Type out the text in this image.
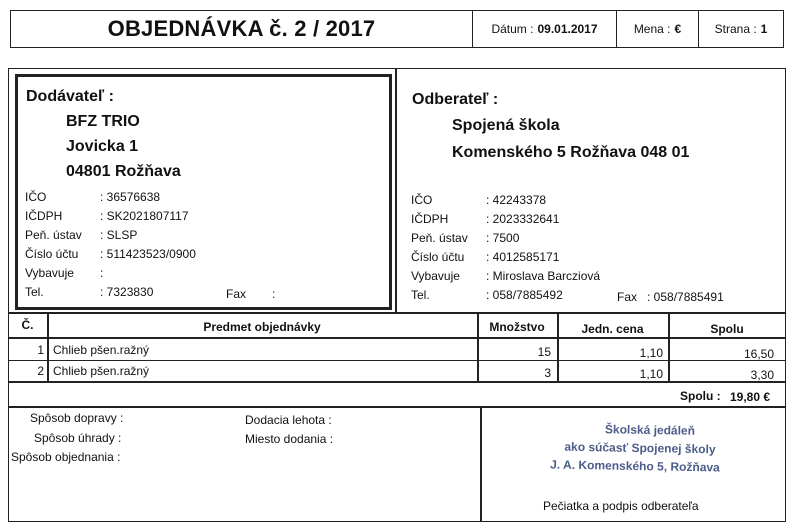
OBJEDNÁVKA č. 2 / 2017	Dátum : 09.01.2017	Mena : €	Strana : 1
Dodávateľ :
BFZ TRIO
Jovicka 1
04801 Rožňava
IČO	: 36576638
IČDPH	: SK2021807117
Peň. ústav : SLSP
Číslo účtu : 511423523/0900
Vybavuje :
Tel.	: 7323830	Fax :
Odberateľ :
Spojená škola
Komenského 5 Rožňava 048 01
IČO	: 42243378
IČDPH	: 2023332641
Peň. ústav : 7500
Číslo účtu : 4012585171
Vybavuje : Miroslava Barcziová
Tel.	: 058/7885492	Fax : 058/7885491
Č.	Predmet objednávky	Množstvo	Jedn. cena	Spolu
1 Chlieb pšen.ražný	15	1,10	16,50
2 Chlieb pšen.ražný	3	1,10	3,30
Spolu : 19,80 €
Spôsob dopravy :
Spôsob úhrady :
Spôsob objednania :
Dodacia lehota :
Miesto dodania :
Školská jedáleň
ako súčasť Spojenej školy
J. A. Komenského 5, Rožňava
Pečiatka a podpis odberateľa
